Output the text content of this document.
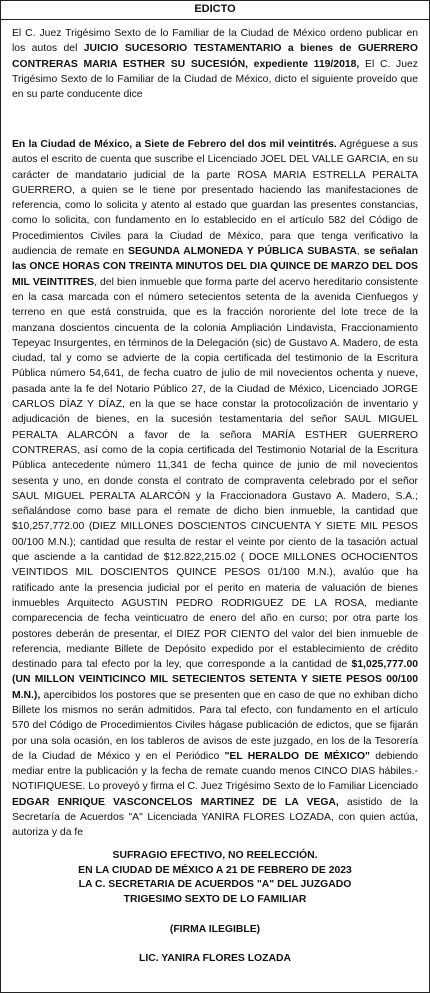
EDICTO

El C. Juez Trigésimo Sexto de lo Familiar de la Ciudad de México ordeno publicar en los autos del JUICIO SUCESORIO TESTAMENTARIO a bienes de GUERRERO CONTRERAS MARIA ESTHER SU SUCESIÓN, expediente 119/2018, El C. Juez Trigésimo Sexto de lo Familiar de la Ciudad de México, dicto el siguiente proveído que en su parte conducente dice

En la Ciudad de México, a Siete de Febrero del dos mil veintitrés. Agréguese a sus autos el escrito de cuenta que suscribe el Licenciado JOEL DEL VALLE GARCIA, en su carácter de mandatario judicial de la parte ROSA MARIA ESTRELLA PERALTA GUERRERO, a quien se le tiene por presentado haciendo las manifestaciones de referencia, como lo solicita y atento al estado que guardan las presentes constancias, como lo solicita, con fundamento en lo establecido en el artículo 582 del Código de Procedimientos Civiles para la Ciudad de México, para que tenga verificativo la audiencia de remate en SEGUNDA ALMONEDA Y PÚBLICA SUBASTA, se señalan las ONCE HORAS CON TREINTA MINUTOS DEL DIA QUINCE DE MARZO DEL DOS MIL VEINTITRES, del bien inmueble que forma parte del acervo hereditario consistente en la casa marcada con el número setecientos setenta de la avenida Cienfuegos y terreno en que está construida, que es la fracción nororiente del lote trece de la manzana doscientos cincuenta de la colonia Ampliación Lindavista, Fraccionamiento Tepeyac Insurgentes, en términos de la Delegación (sic) de Gustavo A. Madero, de esta ciudad, tal y como se advierte de la copia certificada del testimonio de la Escritura Pública número 54,641, de fecha cuatro de julio de mil novecientos ochenta y nueve, pasada ante la fe del Notario Público 27, de la Ciudad de México, Licenciado JORGE CARLOS DÍAZ Y DÍAZ, en la que se hace constar la protocolización de inventario y adjudicación de bienes, en la sucesión testamentaria del señor SAUL MIGUEL PERALTA ALARCÓN a favor de la señora MARÍA ESTHER GUERRERO CONTRERAS, así como de la copia certificada del Testimonio Notarial de la Escritura Pública antecedente número 11,341 de fecha quince de junio de mil novecientos sesenta y uno, en donde consta el contrato de compraventa celebrado por el señor SAUL MIGUEL PERALTA ALARCÓN y la Fraccionadora Gustavo A. Madero, S.A.; señalándose como base para el remate de dicho bien inmueble, la cantidad que $10,257,772.00 (DIEZ MILLONES DOSCIENTOS CINCUENTA Y SIETE MIL PESOS 00/100 M.N.); cantidad que resulta de restar el veinte por ciento de la tasación actual que asciende a la cantidad de $12.822,215.02 ( DOCE MILLONES OCHOCIENTOS VEINTIDOS MIL DOSCIENTOS QUINCE PESOS 01/100 M.N.), avalúo que ha ratificado ante la presencia judicial por el perito en materia de valuación de bienes inmuebles Arquitecto AGUSTIN PEDRO RODRIGUEZ DE LA ROSA, mediante comparecencia de fecha veinticuatro de enero del año en curso; por otra parte los postores deberán de presentar, el DIEZ POR CIENTO del valor del bien inmueble de referencia, mediante Billete de Depósito expedido por el establecimiento de crédito destinado para tal efecto por la ley, que corresponde a la cantidad de $1,025,777.00 (UN MILLON VEINTICINCO MIL SETECIENTOS SETENTA Y SIETE PESOS 00/100 M.N.), apercibidos los postores que se presenten que en caso de que no exhiban dicho Billete los mismos no serán admitidos. Para tal efecto, con fundamento en el artículo 570 del Código de Procedimientos Civiles hágase publicación de edictos, que se fijarán por una sola ocasión, en los tableros de avisos de este juzgado, en los de la Tesorería de la Ciudad de México y en el Periódico "EL HERALDO DE MÉXICO" debiendo mediar entre la publicación y la fecha de remate cuando menos CINCO DIAS hábiles.- NOTIFIQUESE. Lo proveyó y firma el C. Juez Trigésimo Sexto de lo Familiar Licenciado EDGAR ENRIQUE VASCONCELOS MARTINEZ DE LA VEGA, asistido de la Secretaría de Acuerdos "A" Licenciada YANIRA FLORES LOZADA, con quien actúa, autoriza y da fe

SUFRAGIO EFECTIVO, NO REELECCIÓN.
EN LA CIUDAD DE MÉXICO A 21 DE FEBRERO DE 2023
LA C. SECRETARIA DE ACUERDOS "A" DEL JUZGADO
TRIGESIMO SEXTO DE LO FAMILIAR
(FIRMA ILEGIBLE)
LIC. YANIRA FLORES LOZADA
